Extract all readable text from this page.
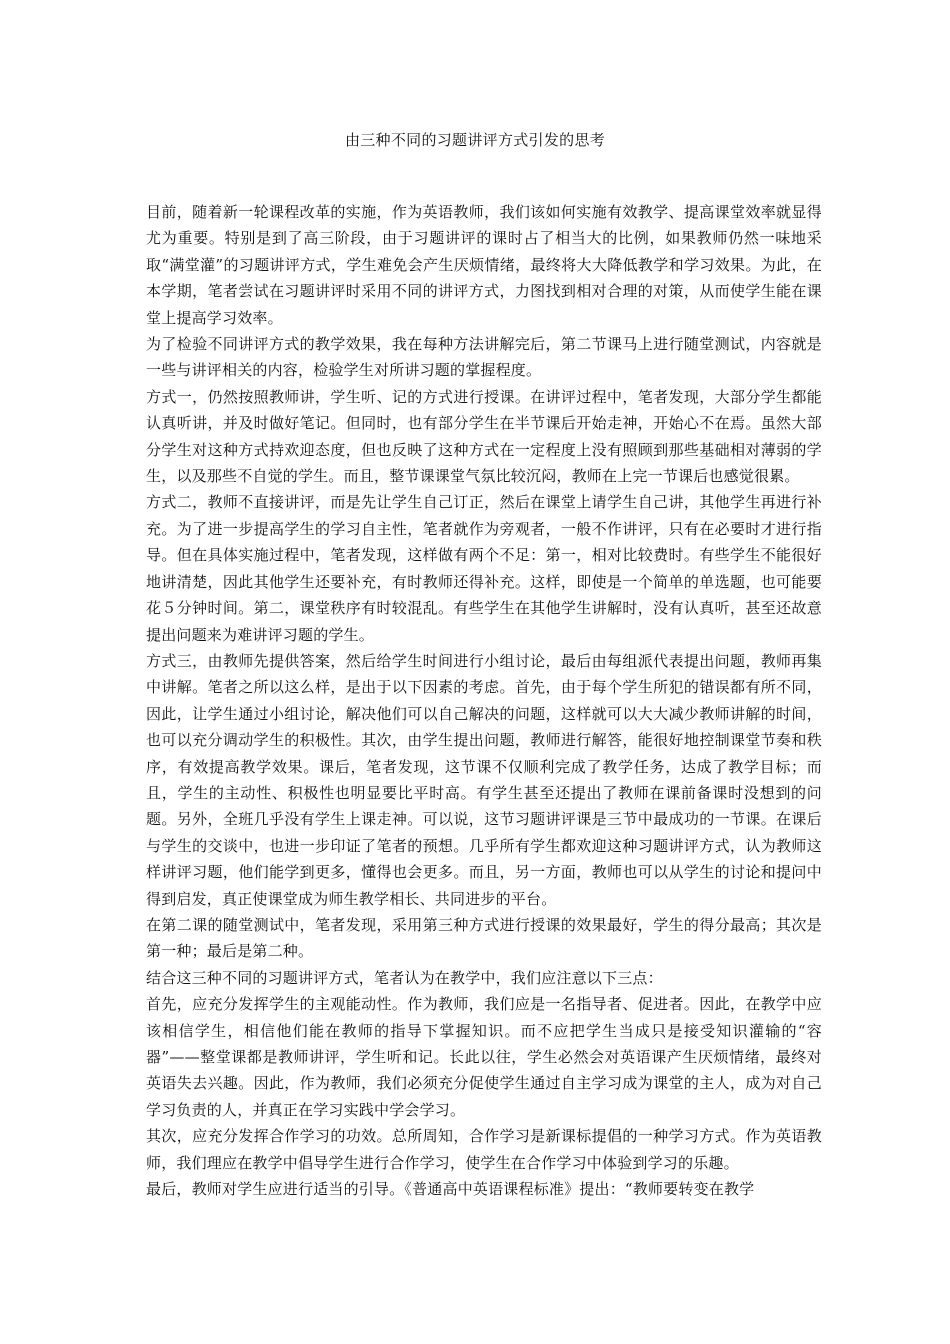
由三种不同的习题讲评方式引发的思考

目前，随着新一轮课程改革的实施，作为英语教师，我们该如何实施有效教学、提高课堂效率就显得尤为重要。特别是到了高三阶段，由于习题讲评的课时占了相当大的比例，如果教师仍然一味地采取“满堂灌”的习题讲评方式，学生难免会产生厌烦情绪，最终将大大降低教学和学习效果。为此，在本学期，笔者尝试在习题讲评时采用不同的讲评方式，力图找到相对合理的对策，从而使学生能在课堂上提高学习效率。

为了检验不同讲评方式的教学效果，我在每种方法讲解完后，第二节课马上进行随堂测试，内容就是一些与讲评相关的内容，检验学生对所讲习题的掌握程度。

方式一，仍然按照教师讲，学生听、记的方式进行授课。在讲评过程中，笔者发现，大部分学生都能认真听讲，并及时做好笔记。但同时，也有部分学生在半节课后开始走神，开始心不在焉。虽然大部分学生对这种方式持欢迎态度，但也反映了这种方式在一定程度上没有照顾到那些基础相对薄弱的学生，以及那些不自觉的学生。而且，整节课课堂气氛比较沉闷，教师在上完一节课后也感觉很累。

方式二，教师不直接讲评，而是先让学生自己订正，然后在课堂上请学生自己讲，其他学生再进行补充。为了进一步提高学生的学习自主性，笔者就作为旁观者，一般不作讲评，只有在必要时才进行指导。但在具体实施过程中，笔者发现，这样做有两个不足：第一，相对比较费时。有些学生不能很好地讲清楚，因此其他学生还要补充，有时教师还得补充。这样，即使是一个简单的单选题，也可能要花５分钟时间。第二，课堂秩序有时较混乱。有些学生在其他学生讲解时，没有认真听，甚至还故意提出问题来为难讲评习题的学生。

方式三，由教师先提供答案，然后给学生时间进行小组讨论，最后由每组派代表提出问题，教师再集中讲解。笔者之所以这么样，是出于以下因素的考虑。首先，由于每个学生所犯的错误都有所不同，因此，让学生通过小组讨论，解决他们可以自己解决的问题，这样就可以大大减少教师讲解的时间，也可以充分调动学生的积极性。其次，由学生提出问题，教师进行解答，能很好地控制课堂节奏和秩序，有效提高教学效果。课后，笔者发现，这节课不仅顺利完成了教学任务，达成了教学目标；而且，学生的主动性、积极性也明显要比平时高。有学生甚至还提出了教师在课前备课时没想到的问题。另外，全班几乎没有学生上课走神。可以说，这节习题讲评课是三节中最成功的一节课。在课后与学生的交谈中，也进一步印证了笔者的预想。几乎所有学生都欢迎这种习题讲评方式，认为教师这样讲评习题，他们能学到更多，懂得也会更多。而且，另一方面，教师也可以从学生的讨论和提问中得到启发，真正使课堂成为师生教学相长、共同进步的平台。

在第二课的随堂测试中，笔者发现，采用第三种方式进行授课的效果最好，学生的得分最高；其次是第一种；最后是第二种。

结合这三种不同的习题讲评方式，笔者认为在教学中，我们应注意以下三点：

首先，应充分发挥学生的主观能动性。作为教师，我们应是一名指导者、促进者。因此，在教学中应该相信学生，相信他们能在教师的指导下掌握知识。而不应把学生当成只是接受知识灌输的“容器”——整堂课都是教师讲评，学生听和记。长此以往，学生必然会对英语课产生厌烦情绪，最终对英语失去兴趣。因此，作为教师，我们必须充分促使学生通过自主学习成为课堂的主人，成为对自己学习负责的人，并真正在学习实践中学会学习。

其次，应充分发挥合作学习的功效。总所周知，合作学习是新课标提倡的一种学习方式。作为英语教师，我们理应在教学中倡导学生进行合作学习，使学生在合作学习中体验到学习的乐趣。

最后，教师对学生应进行适当的引导。《普通高中英语课程标准》提出：“教师要转变在教学
